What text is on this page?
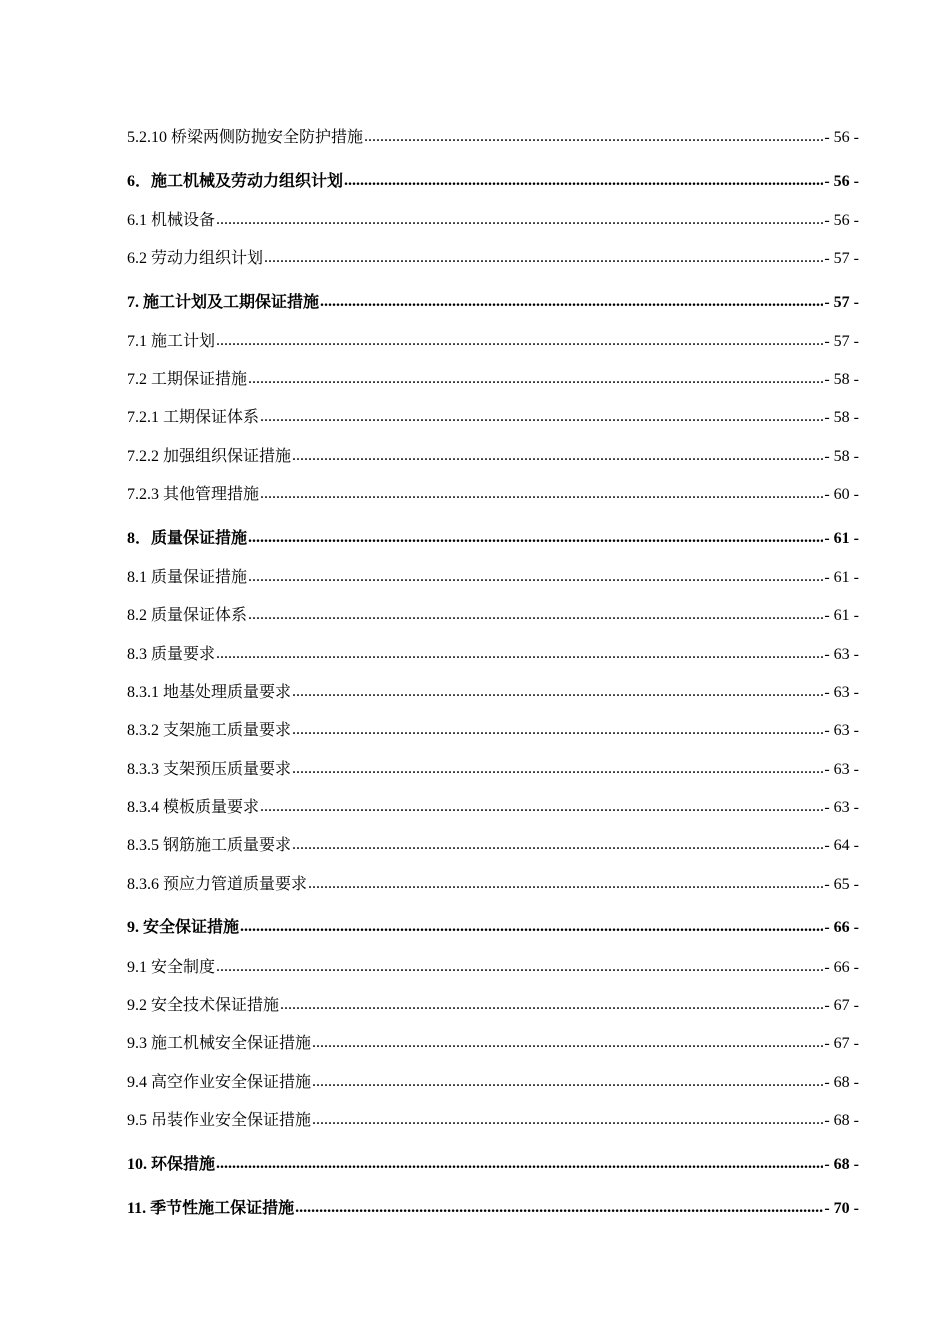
5.2.10 桥梁两侧防抛安全防护措施 .....	- 56 -
6．施工机械及劳动力组织计划 .....	- 56 -
6.1 机械设备 .....	- 56 -
6.2 劳动力组织计划 .....	- 57 -
7. 施工计划及工期保证措施 .....	- 57 -
7.1 施工计划 .....	- 57 -
7.2 工期保证措施 .....	- 58 -
7.2.1 工期保证体系 .....	- 58 -
7.2.2 加强组织保证措施 .....	- 58 -
7.2.3 其他管理措施 .....	- 60 -
8．质量保证措施 .....	- 61 -
8.1 质量保证措施 .....	- 61 -
8.2 质量保证体系 .....	- 61 -
8.3 质量要求 .....	- 63 -
8.3.1 地基处理质量要求 .....	- 63 -
8.3.2 支架施工质量要求 .....	- 63 -
8.3.3 支架预压质量要求 .....	- 63 -
8.3.4 模板质量要求 .....	- 63 -
8.3.5 钢筋施工质量要求 .....	- 64 -
8.3.6 预应力管道质量要求 .....	- 65 -
9. 安全保证措施 .....	- 66 -
9.1 安全制度 .....	- 66 -
9.2 安全技术保证措施 .....	- 67 -
9.3 施工机械安全保证措施 .....	- 67 -
9.4 高空作业安全保证措施 .....	- 68 -
9.5 吊装作业安全保证措施 .....	- 68 -
10. 环保措施 .....	- 68 -
11. 季节性施工保证措施 .....	- 70 -
